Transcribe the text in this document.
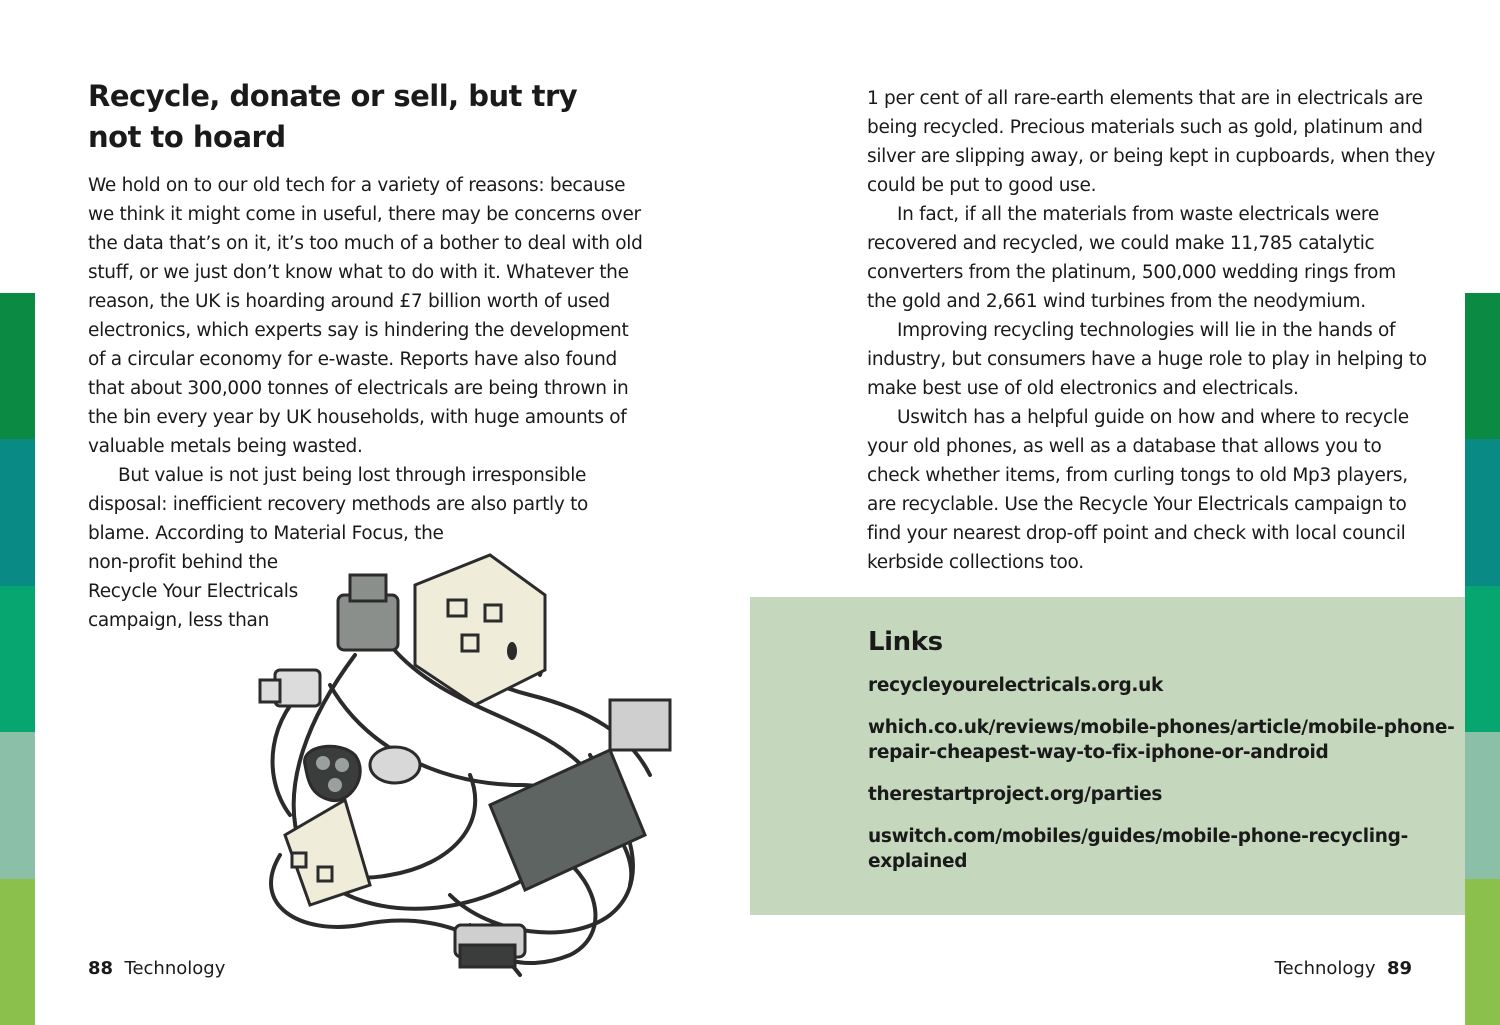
Recycle, donate or sell, but try
not to hoard

We hold on to our old tech for a variety of reasons: because

we think it might come in useful, there may be concerns over

the data that’s on it, it’s too much of a bother to deal with old

stuff, or we just don’t know what to do with it. Whatever the

reason, the UK is hoarding around £7 billion worth of used

electronics, which experts say is hindering the development

of a circular economy for e-waste. Reports have also found

that about 300,000 tonnes of electricals are being thrown in

the bin every year by UK households, with huge amounts of

valuable metals being wasted.

But value is not just being lost through irresponsible

disposal: inefficient recovery methods are also partly to

blame. According to Material Focus, the

non-profit behind the

Recycle Your Electricals

campaign, less than

1 per cent of all rare-earth elements that are in electricals are

being recycled. Precious materials such as gold, platinum and

silver are slipping away, or being kept in cupboards, when they

could be put to good use.

In fact, if all the materials from waste electricals were

recovered and recycled, we could make 11,785 catalytic

converters from the platinum, 500,000 wedding rings from

the gold and 2,661 wind turbines from the neodymium.

Improving recycling technologies will lie in the hands of

industry, but consumers have a huge role to play in helping to

make best use of old electronics and electricals.

Uswitch has a helpful guide on how and where to recycle

your old phones, as well as a database that allows you to

check whether items, from curling tongs to old Mp3 players,

are recyclable. Use the Recycle Your Electricals campaign to

find your nearest drop-off point and check with local council

kerbside collections too.

Links
recycleyourelectricals.org.uk
which.co.uk/reviews/mobile-phones/article/mobile-phone-
repair-cheapest-way-to-fix-iphone-or-android
therestartproject.org/parties
uswitch.com/mobiles/guides/mobile-phone-recycling-
explained
88 Technology	Technology 89
